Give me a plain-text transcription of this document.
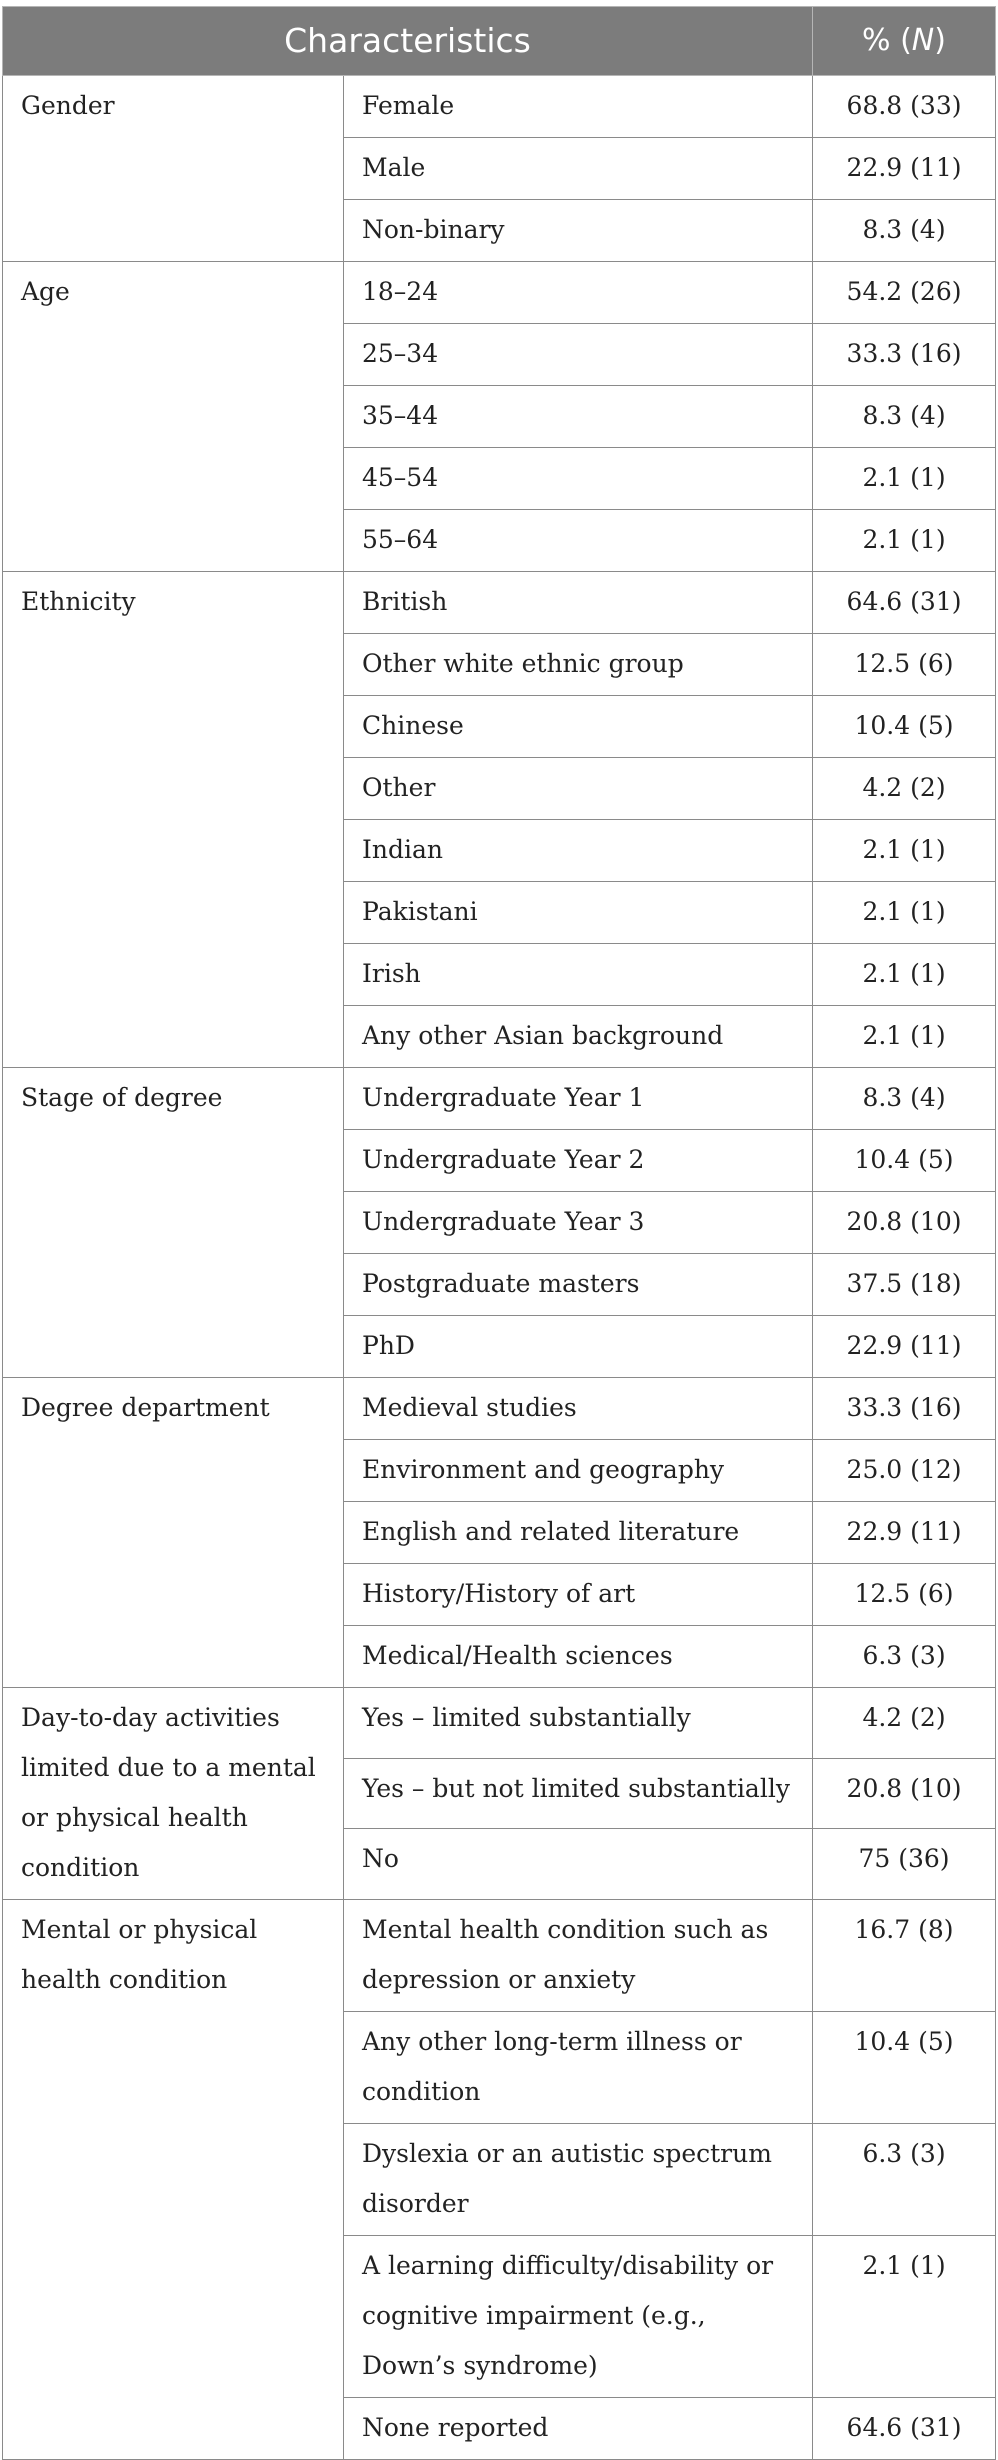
Characteristics		% (N)
Gender	Female	68.8 (33)
	Male	22.9 (11)
	Non-binary	8.3 (4)
Age	18–24	54.2 (26)
	25–34	33.3 (16)
	35–44	8.3 (4)
	45–54	2.1 (1)
	55–64	2.1 (1)
Ethnicity	British	64.6 (31)
	Other white ethnic group	12.5 (6)
	Chinese	10.4 (5)
	Other	4.2 (2)
	Indian	2.1 (1)
	Pakistani	2.1 (1)
	Irish	2.1 (1)
	Any other Asian background	2.1 (1)
Stage of degree	Undergraduate Year 1	8.3 (4)
	Undergraduate Year 2	10.4 (5)
	Undergraduate Year 3	20.8 (10)
	Postgraduate masters	37.5 (18)
	PhD	22.9 (11)
Degree department	Medieval studies	33.3 (16)
	Environment and geography	25.0 (12)
	English and related literature	22.9 (11)
	History/History of art	12.5 (6)
	Medical/Health sciences	6.3 (3)
Day-to-day activities limited due to a mental or physical health condition	Yes – limited substantially	4.2 (2)
	Yes – but not limited substantially	20.8 (10)
	No	75 (36)
Mental or physical health condition	Mental health condition such as depression or anxiety	16.7 (8)
	Any other long-term illness or condition	10.4 (5)
	Dyslexia or an autistic spectrum disorder	6.3 (3)
	A learning difficulty/disability or cognitive impairment (e.g., Down’s syndrome)	2.1 (1)
	None reported	64.6 (31)
